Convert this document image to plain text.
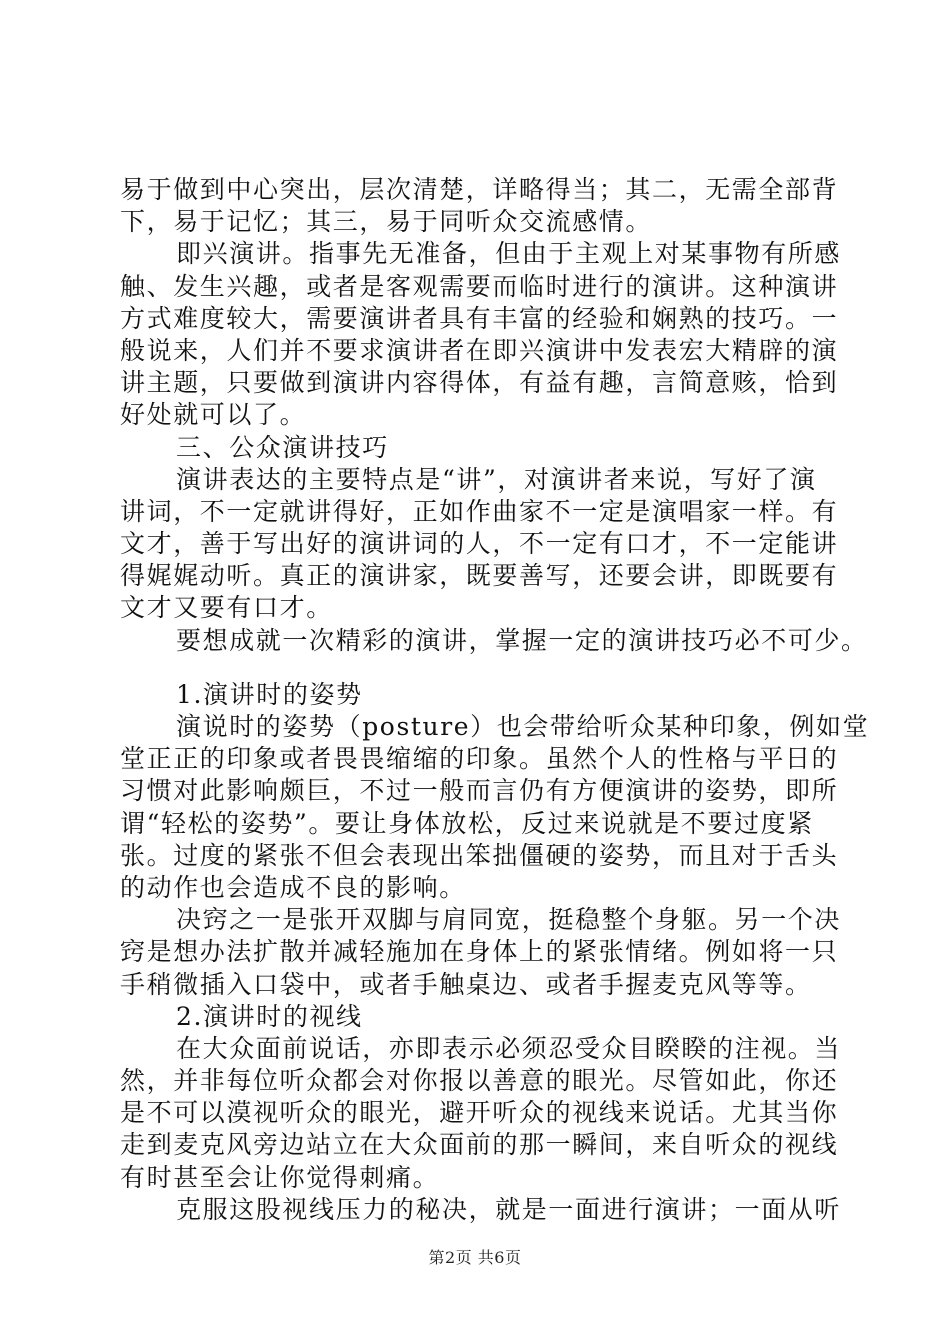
易于做到中心突出，层次清楚，详略得当；其二，无需全部背
下，易于记忆；其三，易于同听众交流感情。
即兴演讲。指事先无准备，但由于主观上对某事物有所感
触、发生兴趣，或者是客观需要而临时进行的演讲。这种演讲
方式难度较大，需要演讲者具有丰富的经验和娴熟的技巧。一
般说来，人们并不要求演讲者在即兴演讲中发表宏大精辟的演
讲主题，只要做到演讲内容得体，有益有趣，言简意赅，恰到
好处就可以了。
三、公众演讲技巧
演讲表达的主要特点是“讲”，对演讲者来说，写好了演
讲词，不一定就讲得好，正如作曲家不一定是演唱家一样。有
文才，善于写出好的演讲词的人，不一定有口才，不一定能讲
得娓娓动听。真正的演讲家，既要善写，还要会讲，即既要有
文才又要有口才。
要想成就一次精彩的演讲，掌握一定的演讲技巧必不可少。
1.演讲时的姿势
演说时的姿势（posture）也会带给听众某种印象，例如堂
堂正正的印象或者畏畏缩缩的印象。虽然个人的性格与平日的
习惯对此影响颇巨，不过一般而言仍有方便演讲的姿势，即所
谓“轻松的姿势”。要让身体放松，反过来说就是不要过度紧
张。过度的紧张不但会表现出笨拙僵硬的姿势，而且对于舌头
的动作也会造成不良的影响。
决窍之一是张开双脚与肩同宽，挺稳整个身躯。另一个决
窍是想办法扩散并减轻施加在身体上的紧张情绪。例如将一只
手稍微插入口袋中，或者手触桌边、或者手握麦克风等等。
2.演讲时的视线
在大众面前说话，亦即表示必须忍受众目睽睽的注视。当
然，并非每位听众都会对你报以善意的眼光。尽管如此，你还
是不可以漠视听众的眼光，避开听众的视线来说话。尤其当你
走到麦克风旁边站立在大众面前的那一瞬间，来自听众的视线
有时甚至会让你觉得刺痛。
克服这股视线压力的秘决，就是一面进行演讲；一面从听
第2页 共6页
